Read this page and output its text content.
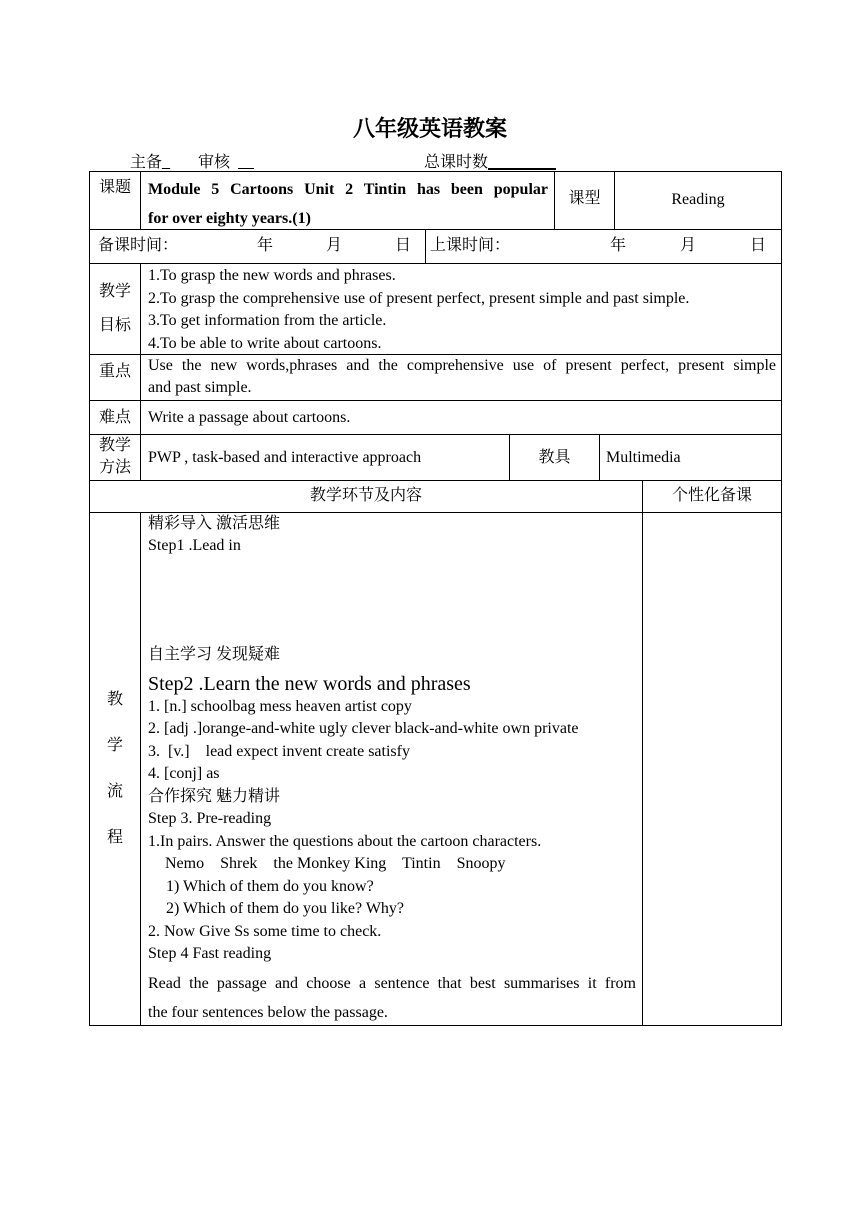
八年级英语教案
主备_ 审核	总课时数
课题	Module 5 Cartoons Unit 2 Tintin has been popular
for over eighty years.(1)
课型	Reading
备课时间：	年	月	日 上课时间：	年	月	日
教学
目标
1.To grasp the new words and phrases.
2.To grasp the comprehensive use of present perfect, present simple and past simple.
3.To get information from the article.
4.To be able to write about cartoons.
重点	Use the new words,phrases and the comprehensive use of present perfect, present simple
and past simple.
难点	Write a passage about cartoons.
教学
方法
PWP , task-based and interactive approach	教具	Multimedia
教学环节及内容	个性化备课
教
学
流
程
精彩导入 激活思维
Step1 .Lead in
自主学习 发现疑难
Step2 .Learn the new words and phrases
1. [n.] schoolbag mess heaven artist copy
2. [adj .]orange-and-white ugly clever black-and-white own private
3.  [v.]    lead expect invent create satisfy
4. [conj] as
合作探究 魅力精讲
Step 3. Pre-reading
1.In pairs. Answer the questions about the cartoon characters.
Nemo    Shrek    the Monkey King    Tintin    Snoopy
1) Which of them do you know?
2) Which of them do you like? Why?
2. Now Give Ss some time to check.
Step 4 Fast reading
Read the passage and choose a sentence that best summarises it from
the four sentences below the passage.
